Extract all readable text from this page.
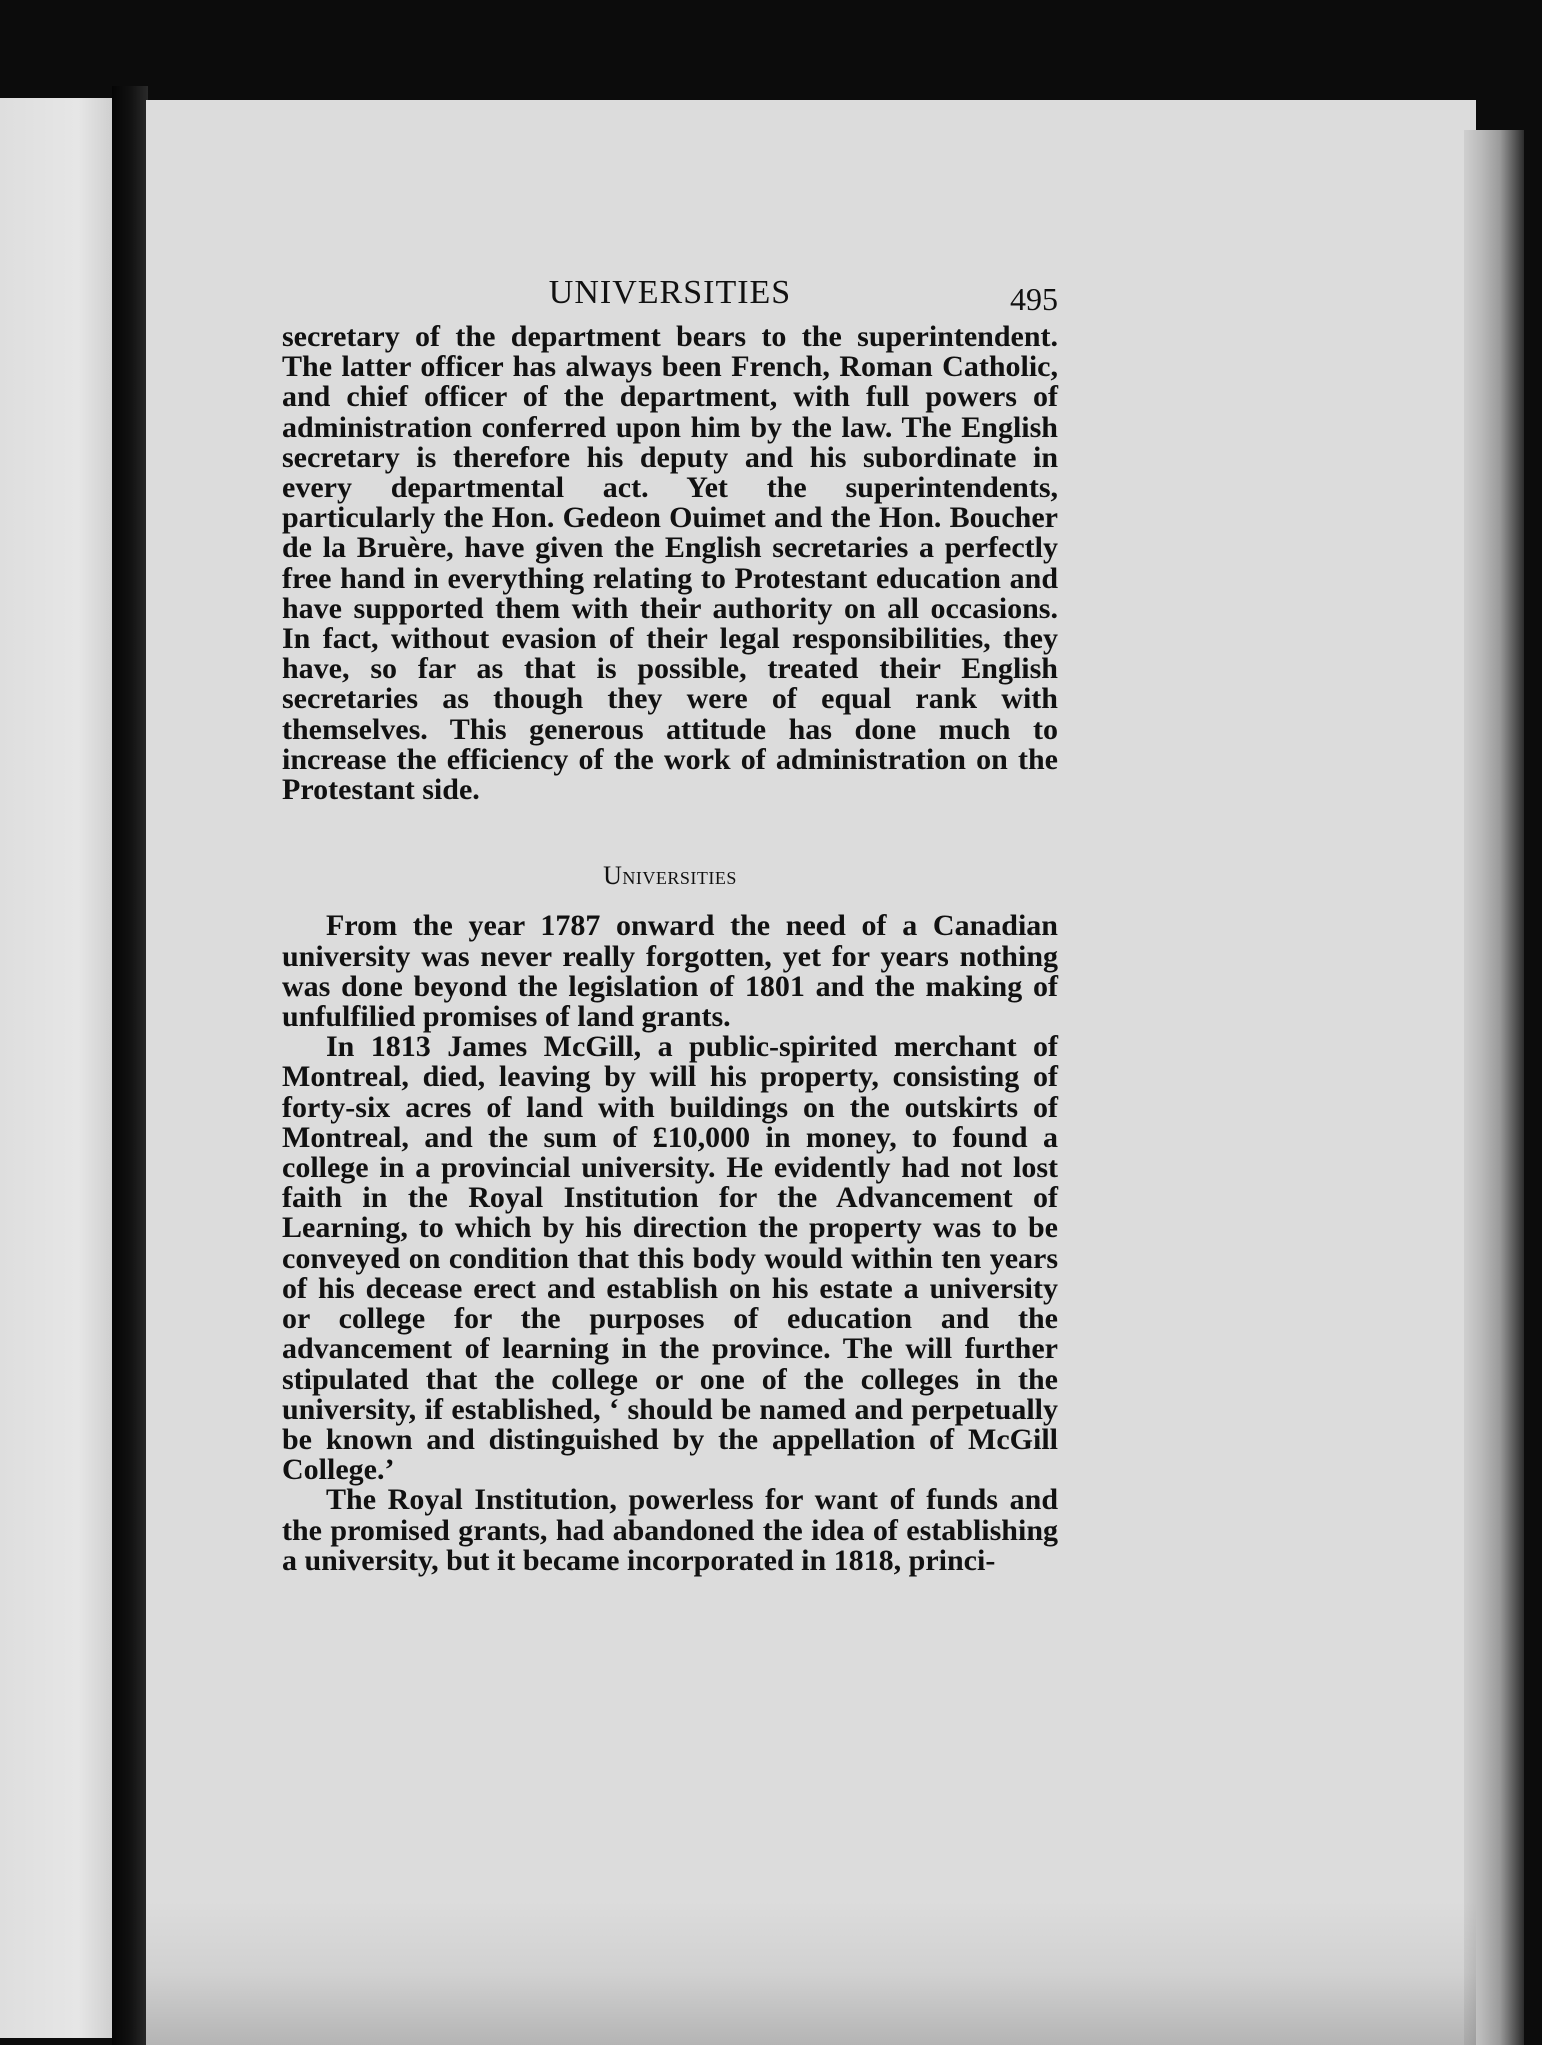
UNIVERSITIES	495

secretary of the department bears to the superintendent. The latter officer has always been French, Roman Catholic, and chief officer of the department, with full powers of administration conferred upon him by the law. The English secretary is therefore his deputy and his subordinate in every departmental act. Yet the superintendents, particularly the Hon. Gedeon Ouimet and the Hon. Boucher de la Bruère, have given the English secretaries a perfectly free hand in everything relating to Protestant education and have supported them with their authority on all occasions. In fact, without evasion of their legal responsibilities, they have, so far as that is possible, treated their English secretaries as though they were of equal rank with themselves. This generous attitude has done much to increase the efficiency of the work of administration on the Protestant side.

Universities

From the year 1787 onward the need of a Canadian university was never really forgotten, yet for years nothing was done beyond the legislation of 1801 and the making of unfulfilied promises of land grants.

In 1813 James McGill, a public-spirited merchant of Montreal, died, leaving by will his property, consisting of forty-six acres of land with buildings on the outskirts of Montreal, and the sum of £10,000 in money, to found a college in a provincial university. He evidently had not lost faith in the Royal Institution for the Advancement of Learning, to which by his direction the property was to be conveyed on condition that this body would within ten years of his decease erect and establish on his estate a university or college for the purposes of education and the advancement of learning in the province. The will further stipulated that the college or one of the colleges in the university, if established, ‘ should be named and perpetually be known and distinguished by the appellation of McGill College.’

The Royal Institution, powerless for want of funds and the promised grants, had abandoned the idea of establishing a university, but it became incorporated in 1818, princi-
